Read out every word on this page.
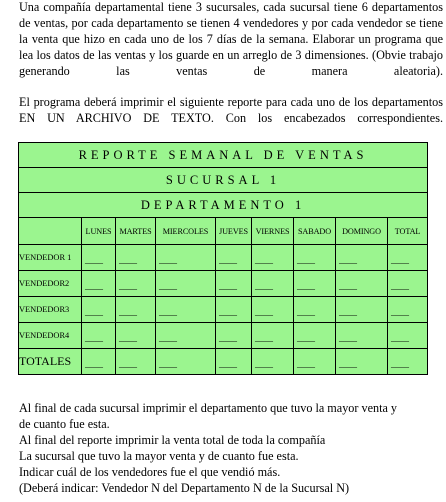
Una compañía departamental tiene 3 sucursales, cada sucursal tiene 6 departamentos de ventas, por cada departamento se tienen 4 vendedores y por cada vendedor se tiene la venta que hizo en cada uno de los 7 días de la semana. Elaborar un programa que lea los datos de las ventas y los guarde en un arreglo de 3 dimensiones. (Obvie trabajo generando las ventas de manera aleatoria).

El programa deberá imprimir el siguiente reporte para cada uno de los departamentos EN UN ARCHIVO DE TEXTO. Con los encabezados correspondientes.

REPORTE SEMANAL DE VENTAS								
SUCURSAL 1								
DEPARTAMENTO 1								
	LUNES	MARTES	MIERCOLES	JUEVES	VIERNES	SABADO	DOMINGO	TOTAL
VENDEDOR 1	____	____	____	____	____	____	____	____

VENDEDOR2	____	____	____	____	____	____	____	____

VENDEDOR3	____	____	____	____	____	____	____	____

VENDEDOR4	____	____	____	____	____	____	____	____

TOTALES	____	____	____	____	____	____	____	____
Al final de cada sucursal imprimir el departamento que tuvo la mayor venta y
de cuanto fue esta.
Al final del reporte imprimir la venta total de toda la compañía
La sucursal que tuvo la mayor venta y de cuanto fue esta.
Indicar cuál de los vendedores fue el que vendió más.
(Deberá indicar: Vendedor N del Departamento N de la Sucursal N)
